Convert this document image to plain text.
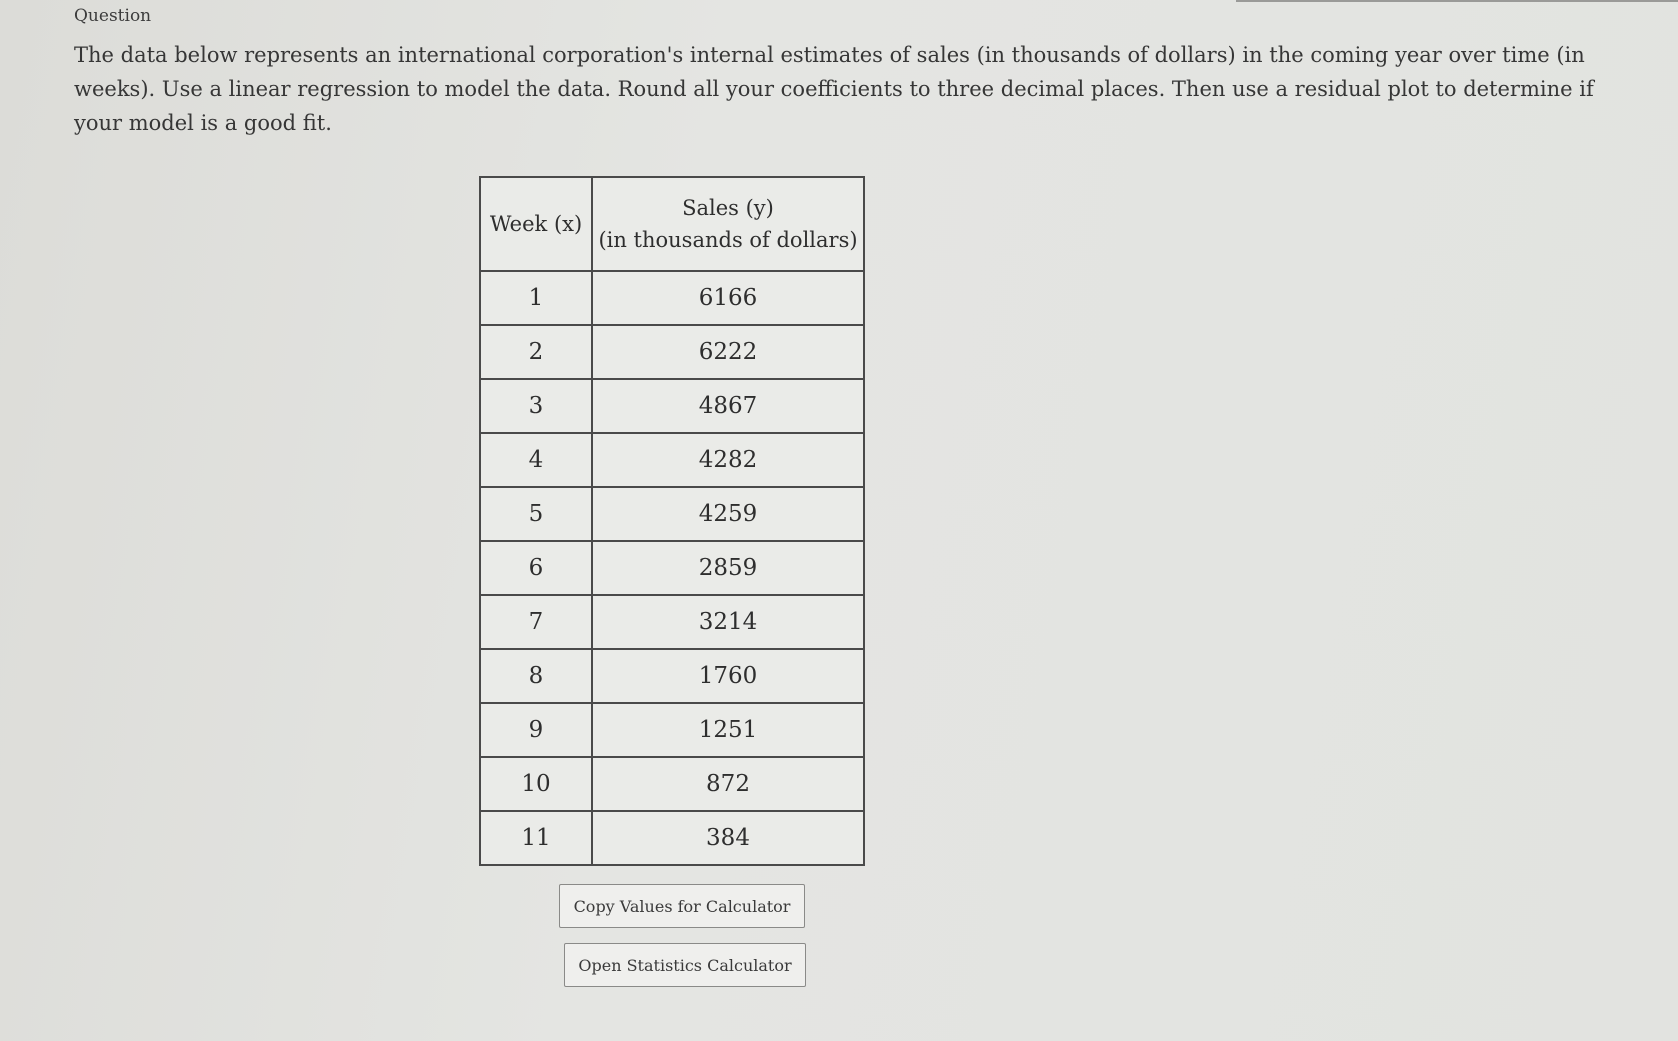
Question
The data below represents an international corporation's internal estimates of sales (in thousands of dollars) in the coming year over time (in weeks). Use a linear regression to model the data. Round all your coefficients to three decimal places. Then use a residual plot to determine if your model is a good fit.
Week (x)	Sales (y)
(in thousands of dollars)

1	6166
2	6222
3	4867
4	4282
5	4259
6	2859
7	3214
8	1760
9	1251
10	872
11	384
Copy Values for Calculator
Open Statistics Calculator
